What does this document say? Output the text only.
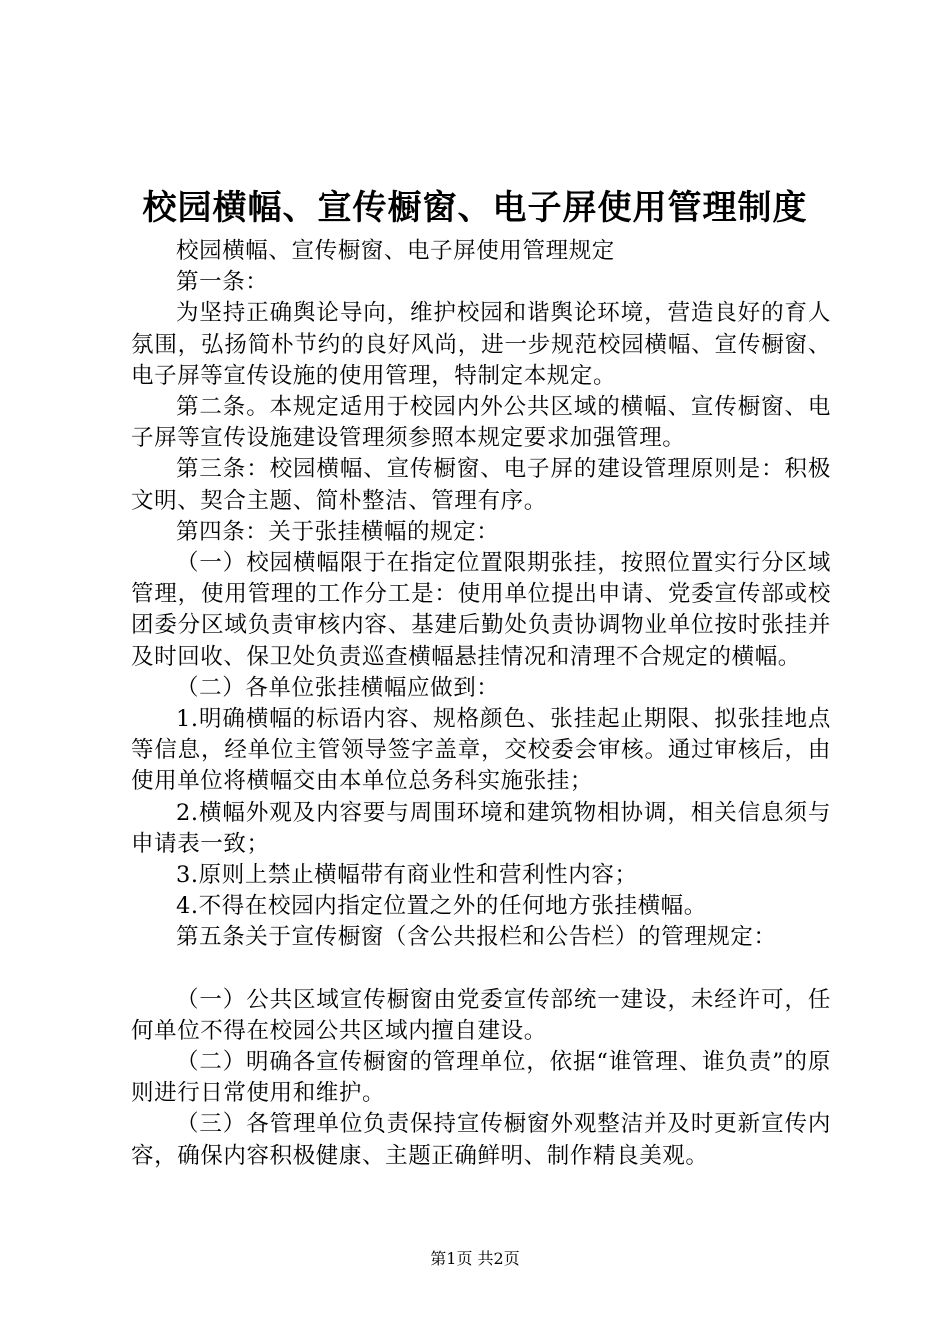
校园横幅、宣传橱窗、电子屏使用管理制度

校园横幅、宣传橱窗、电子屏使用管理规定

第一条：

为坚持正确舆论导向，维护校园和谐舆论环境，营造良好的育人氛围，弘扬简朴节约的良好风尚，进一步规范校园横幅、宣传橱窗、电子屏等宣传设施的使用管理，特制定本规定。

第二条。本规定适用于校园内外公共区域的横幅、宣传橱窗、电子屏等宣传设施建设管理须参照本规定要求加强管理。

第三条：校园横幅、宣传橱窗、电子屏的建设管理原则是：积极文明、契合主题、简朴整洁、管理有序。

第四条：关于张挂横幅的规定：

（一）校园横幅限于在指定位置限期张挂，按照位置实行分区域管理，使用管理的工作分工是：使用单位提出申请、党委宣传部或校团委分区域负责审核内容、基建后勤处负责协调物业单位按时张挂并及时回收、保卫处负责巡查横幅悬挂情况和清理不合规定的横幅。

（二）各单位张挂横幅应做到：

1.明确横幅的标语内容、规格颜色、张挂起止期限、拟张挂地点等信息，经单位主管领导签字盖章，交校委会审核。通过审核后，由使用单位将横幅交由本单位总务科实施张挂；

2.横幅外观及内容要与周围环境和建筑物相协调，相关信息须与申请表一致；

3.原则上禁止横幅带有商业性和营利性内容；

4.不得在校园内指定位置之外的任何地方张挂横幅。

第五条关于宣传橱窗（含公共报栏和公告栏）的管理规定：

（一）公共区域宣传橱窗由党委宣传部统一建设，未经许可，任何单位不得在校园公共区域内擅自建设。

（二）明确各宣传橱窗的管理单位，依据“谁管理、谁负责”的原则进行日常使用和维护。

（三）各管理单位负责保持宣传橱窗外观整洁并及时更新宣传内容，确保内容积极健康、主题正确鲜明、制作精良美观。

第1页 共2页
